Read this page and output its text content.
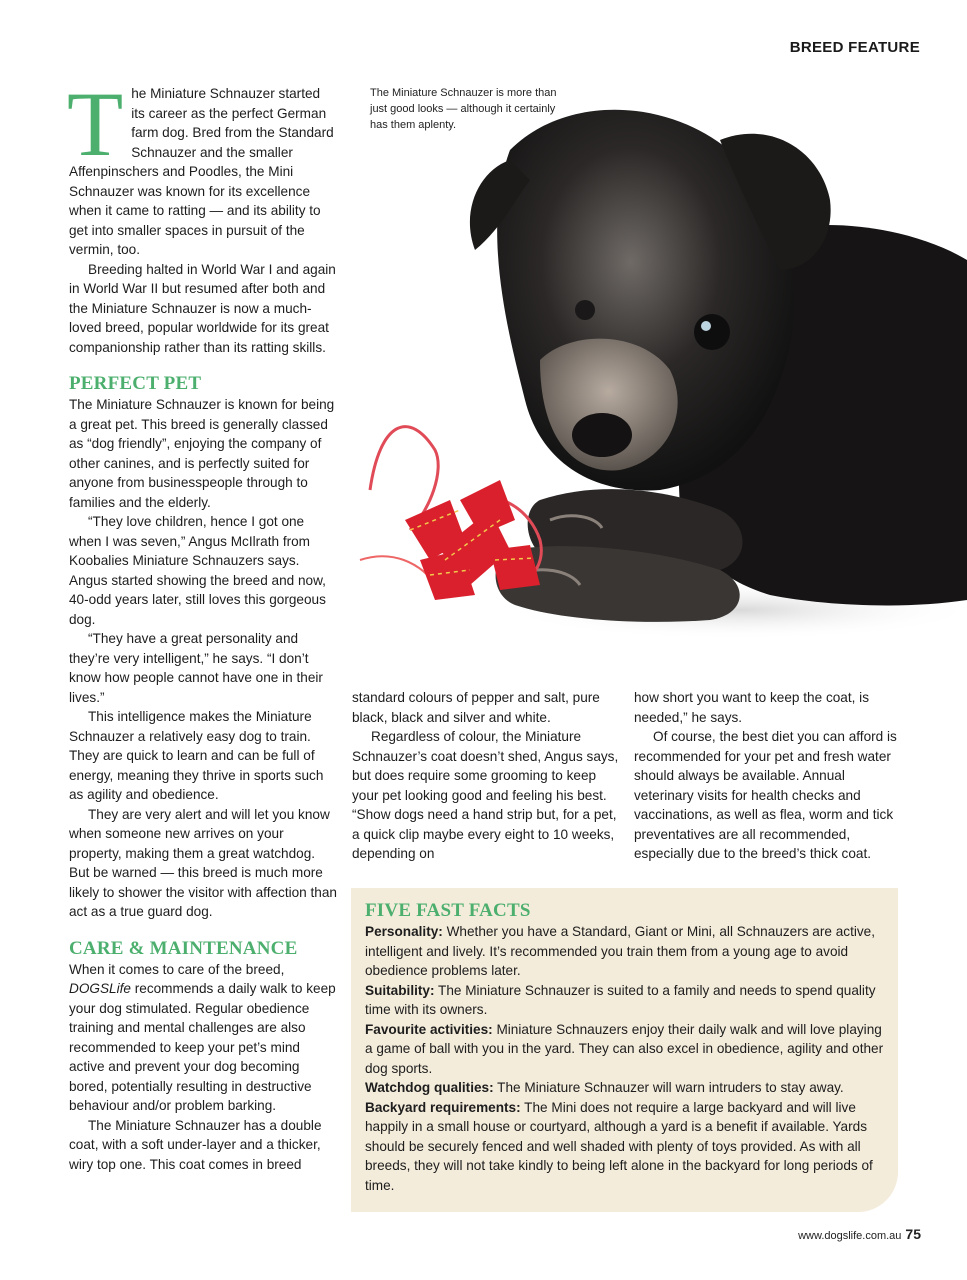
BREED FEATURE
The Miniature Schnauzer is more than just good looks — although it certainly has them aplenty.

The Miniature Schnauzer started its career as the perfect German farm dog. Bred from the Standard Schnauzer and the smaller Affenpinschers and Poodles, the Mini Schnauzer was known for its excellence when it came to ratting — and its ability to get into smaller spaces in pursuit of the vermin, too.

Breeding halted in World War I and again in World War II but resumed after both and the Miniature Schnauzer is now a much-loved breed, popular worldwide for its great companionship rather than its ratting skills.

PERFECT PET

The Miniature Schnauzer is known for being a great pet. This breed is generally classed as “dog friendly”, enjoying the company of other canines, and is perfectly suited for anyone from businesspeople through to families and the elderly.

“They love children, hence I got one when I was seven,” Angus McIlrath from Koobalies Miniature Schnauzers says. Angus started showing the breed and now, 40-odd years later, still loves this gorgeous dog.

“They have a great personality and they’re very intelligent,” he says. “I don’t know how people cannot have one in their lives.”

This intelligence makes the Miniature Schnauzer a relatively easy dog to train. They are quick to learn and can be full of energy, meaning they thrive in sports such as agility and obedience.

They are very alert and will let you know when someone new arrives on your property, making them a great watchdog. But be warned — this breed is much more likely to shower the visitor with affection than act as a true guard dog.

CARE & MAINTENANCE

When it comes to care of the breed, DOGSLife recommends a daily walk to keep your dog stimulated. Regular obedience training and mental challenges are also recommended to keep your pet’s mind active and prevent your dog becoming bored, potentially resulting in destructive behaviour and/or problem barking.

The Miniature Schnauzer has a double coat, with a soft under-layer and a thicker, wiry top one. This coat comes in breed

standard colours of pepper and salt, pure black, black and silver and white.

Regardless of colour, the Miniature Schnauzer’s coat doesn’t shed, Angus says, but does require some grooming to keep your pet looking good and feeling his best. “Show dogs need a hand strip but, for a pet, a quick clip maybe every eight to 10 weeks, depending on

how short you want to keep the coat, is needed,” he says.

Of course, the best diet you can afford is recommended for your pet and fresh water should always be available. Annual veterinary visits for health checks and vaccinations, as well as flea, worm and tick preventatives are all recommended, especially due to the breed’s thick coat.

FIVE FAST FACTS

Personality: Whether you have a Standard, Giant or Mini, all Schnauzers are active, intelligent and lively. It’s recommended you train them from a young age to avoid obedience problems later.

Suitability: The Miniature Schnauzer is suited to a family and needs to spend quality time with its owners.

Favourite activities: Miniature Schnauzers enjoy their daily walk and will love playing a game of ball with you in the yard. They can also excel in obedience, agility and other dog sports.

Watchdog qualities: The Miniature Schnauzer will warn intruders to stay away.

Backyard requirements: The Mini does not require a large backyard and will live happily in a small house or courtyard, although a yard is a benefit if available. Yards should be securely fenced and well shaded with plenty of toys provided. As with all breeds, they will not take kindly to being left alone in the backyard for long periods of time.

www.dogslife.com.au 75
